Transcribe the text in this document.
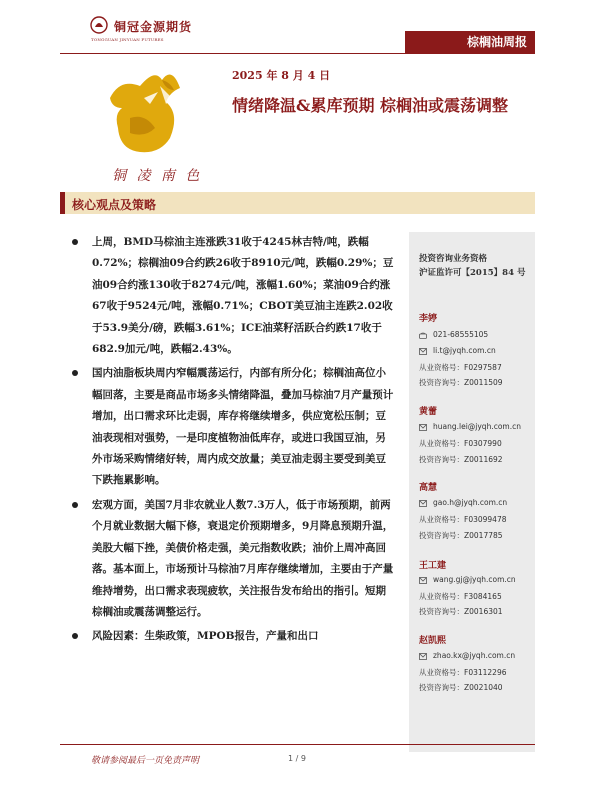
铜冠金源期货
TONGGUAN JINYUAN FUTURES	棕榈油周报
铜 凌 南 色
2025 年 8 月 4 日
情绪降温&累库预期 棕榈油或震荡调整
核心观点及策略

上周，BMD马棕油主连涨跌31收于4245林吉特/吨，跌幅0.72%；棕榈油09合约跌26收于8910元/吨，跌幅0.29%；豆油09合约涨130收于8274元/吨，涨幅1.60%；菜油09合约涨67收于9524元/吨，涨幅0.71%；CBOT美豆油主连跌2.02收于53.9美分/磅，跌幅3.61%；ICE油菜籽活跃合约跌17收于682.9加元/吨，跌幅2.43%。

国内油脂板块周内窄幅震荡运行，内部有所分化；棕榈油高位小幅回落，主要是商品市场多头情绪降温，叠加马棕油7月产量预计增加，出口需求环比走弱，库存将继续增多，供应宽松压制；豆油表现相对强势，一是印度植物油低库存，或进口我国豆油，另外市场采购情绪好转，周内成交放量；美豆油走弱主要受到美豆下跌拖累影响。

宏观方面，美国7月非农就业人数7.3万人，低于市场预期，前两个月就业数据大幅下修，衰退定价预期增多，9月降息预期升温，美股大幅下挫，美债价格走强，美元指数收跌；油价上周冲高回落。基本面上，市场预计马棕油7月库存继续增加，主要由于产量维持增势，出口需求表现疲软，关注报告发布给出的指引。短期棕榈油或震荡调整运行。

风险因素：生柴政策，MPOB报告，产量和出口

投资咨询业务资格
沪证监许可【2015】84 号
李婷
021-68555105
li.t@jyqh.com.cn
从业资格号：F0297587
投资咨询号：Z0011509
黄蕾
huang.lei@jyqh.com.cn
从业资格号：F0307990
投资咨询号：Z0011692
高慧
gao.h@jyqh.com.cn
从业资格号：F03099478
投资咨询号：Z0017785
王工建
wang.gj@jyqh.com.cn
从业资格号：F3084165
投资咨询号：Z0016301
赵凯熙
zhao.kx@jyqh.com.cn
从业资格号：F03112296
投资咨询号：Z0021040
敬请参阅最后一页免责声明	1 / 9
